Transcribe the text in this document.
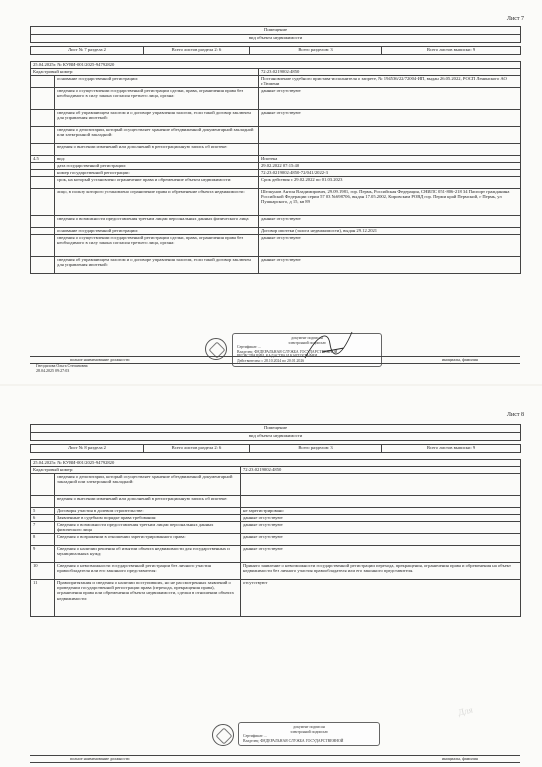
Лист 7
Помещение
вид объекта недвижимости

Лист № 7 раздела 2	Всего листов раздела 2: 6	Всего разделов: 3	Всего листов выписки: 9
25.04.2025г. № КУВИ-001/2025-94792820		
Кадастровый номер:		72:23:0219002:4850
	основание государственной регистрации:	Постановление судебного пристава-исполнителя о запрете, № 194536/22/72004-ИП, выдан 26.05.2022, РОСП Ленинского АО г.Тюмени
	сведения о осуществлении государственной регистрации сделки, права, ограничения права без необходимого в силу закона согласия третьего лица, органа:	данные отсутствуют
	сведения об управляющем залогом и о договоре управления залогом, если такой договор заключен для управления ипотекой:	данные отсутствуют
	сведения о депозитарии, который осуществляет хранение обездвиженной документарной закладной или электронной закладной:	
	ведения о внесении изменений или дополнений в регистрационную запись об ипотеке:	
4.5	вид:	Ипотека
	дата государственной регистрации:	29.02.2022 07:15:40
	номер государственной регистрации:	72:23:0219002:4850-72/041/2022-3
	срок, на который установлено ограничение права и обременение объекта недвижимости:	Срок действия с 29.02.2022 по 01.03.2023
	лицо, в пользу которого установлено ограничение права и обременение объекта недвижимости:	Шелкунов Антон Владимирович, 29.09.1981, гор. Пермь, Российская Федерация, СНИЛС 051-806-218 34 Паспорт гражданина Российской Федерации серии 57 03 №698706, выдан 17.05.2002, Кировским РОВД гор. Перми край Пермский, г Пермь, ул Пушкарского, д 15, кв 89
	сведения о возможности предоставления третьим лицам персональных данных физического лица	данные отсутствуют
	основание государственной регистрации:	Договор ипотеки (залога недвижимости), выдан 29.12.2021
	сведения о осуществлении государственной регистрации сделки, права, ограничения права без необходимого в силу закона согласия третьего лица, органа:	данные отсутствуют
	сведения об управляющем залогом и о договоре управления залогом, если такой договор заключен для управления ипотекой:	данные отсутствуют
документ подписан
электронной подписью
Сертификат: ...
Владелец: ФЕДЕРАЛЬНАЯ СЛУЖБА ГОСУДАРСТВЕННОЙ
РЕГИСТРАЦИИ, КАДАСТРА И КАРТОГРАФИИ
Действителен: с 28.10.2024 по 20.01.2026
полное наименование должности	инициалы, фамилия
Гнездилова Ольга Степановна
28.04.2025 09:27:03
Лист 8
Помещение
вид объекта недвижимости

Лист № 8 раздела 2	Всего листов раздела 2: 6	Всего разделов: 3	Всего листов выписки: 9
25.04.2025г. № КУВИ-001/2025-94792820		
Кадастровый номер:		72:23:0219002:4850
	сведения о депозитарии, который осуществляет хранение обездвиженной документарной закладной или электронной закладной:	
	ведения о внесении изменений или дополнений в регистрационную запись об ипотеке:	
5	Договоры участия в долевом строительстве:	не зарегистрировано
6	Заявленные в судебном порядке права требования:	данные отсутствуют
7	Сведения о возможности предоставления третьим лицам персональных данных физического лица	данные отсутствуют
8	Сведения о возражении в отношении зарегистрированного права:	данные отсутствуют
9	Сведения о наличии решения об изъятии объекта недвижимости для государственных и муниципальных нужд:	данные отсутствуют
10	Сведения о невозможности государственной регистрации без личного участия правообладателя или его законного представителя:	Принято заявление о невозможности государственной регистрации перехода, прекращения, ограничения права и обременения на объект недвижимости без личного участия правообладателя или его законного представителя.
11	Правопритязания и сведения о наличии поступивших, но не рассмотренных заявлений о проведении государственной регистрации права (перехода, прекращения права), ограничения права или обременения объекта недвижимости, сделки в отношении объекта недвижимости:	отсутствуют
Для
документ подписан
электронной подписью
Сертификат: ...
Владелец: ФЕДЕРАЛЬНАЯ СЛУЖБА ГОСУДАРСТВЕННОЙ
полное наименование должности	инициалы, фамилия
